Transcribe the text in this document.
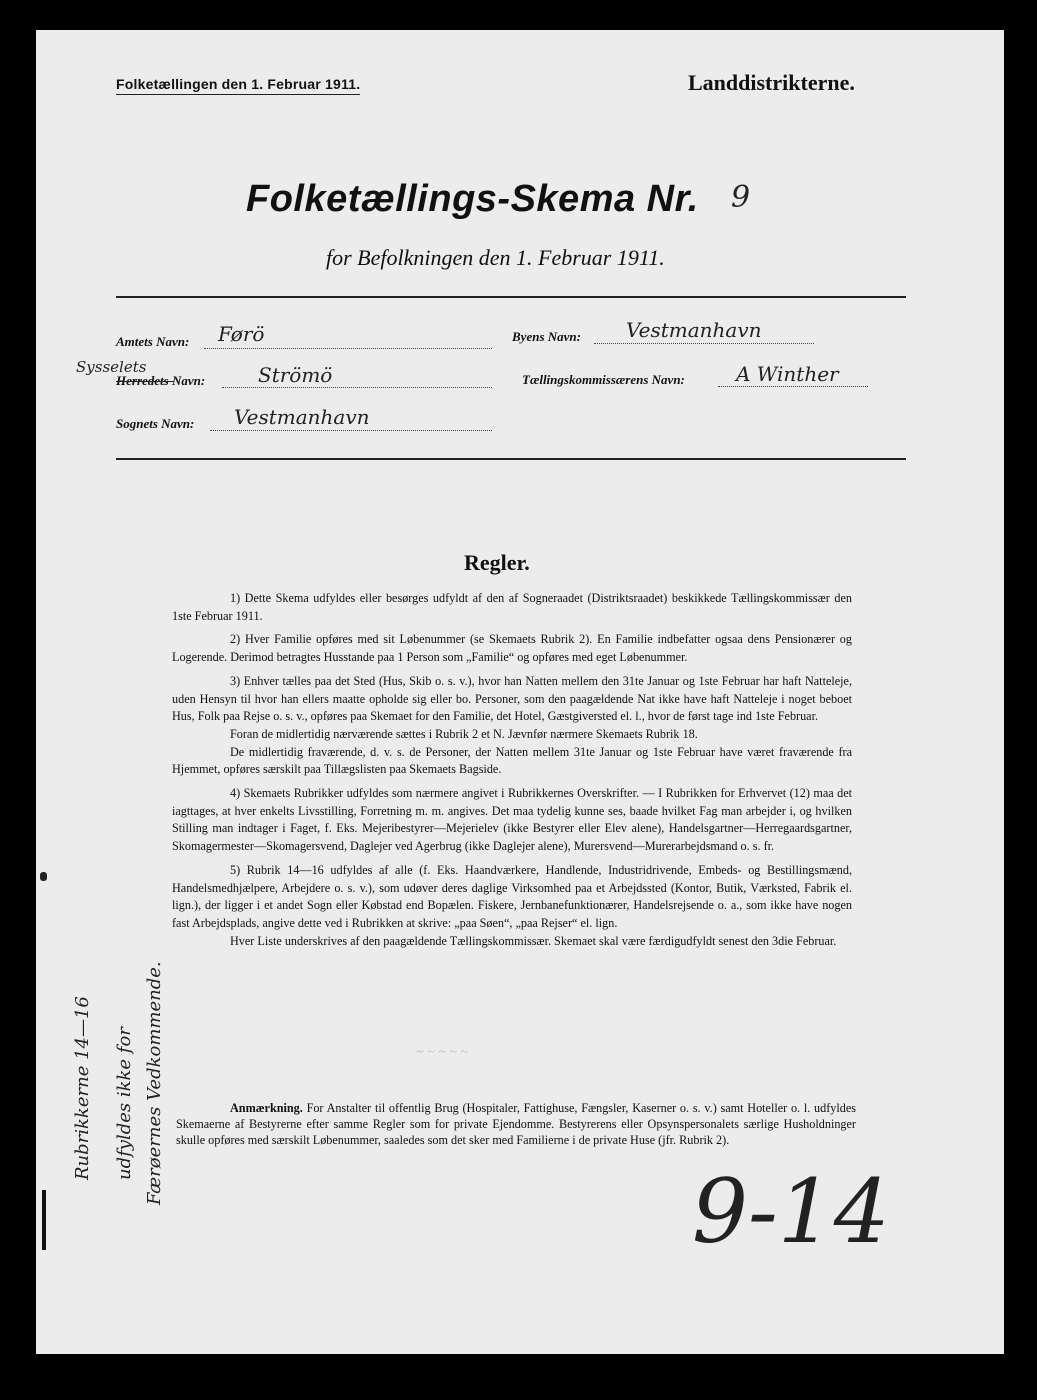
Folketællingen den 1. Februar 1911.	Landdistrikterne.
Folketællings-Skema Nr. 9
for Befolkningen den 1. Februar 1911.
Amtets Navn: Førö
Sysselets
Herredets Navn:	Strömö
Sognets Navn: Vestmanhavn
Byens Navn: Vestmanhavn
Tællingskommissærens Navn:	A Winther
Regler.

1) Dette Skema udfyldes eller besørges udfyldt af den af Sogneraadet (Distriktsraadet) beskikkede Tællingskommissær den 1ste Februar 1911.

2) Hver Familie opføres med sit Løbenummer (se Skemaets Rubrik 2). En Familie indbefatter ogsaa dens Pensionærer og Logerende. Derimod betragtes Husstande paa 1 Person som „Familie“ og opføres med eget Løbenummer.

3) Enhver tælles paa det Sted (Hus, Skib o. s. v.), hvor han Natten mellem den 31te Januar og 1ste Februar har haft Natteleje, uden Hensyn til hvor han ellers maatte opholde sig eller bo. Personer, som den paagældende Nat ikke have haft Natteleje i noget beboet Hus, Folk paa Rejse o. s. v., opføres paa Skemaet for den Familie, det Hotel, Gæstgiversted el. l., hvor de først tage ind 1ste Februar.

Foran de midlertidig nærværende sættes i Rubrik 2 et N. Jævnfør nærmere Skemaets Rubrik 18.

De midlertidig fraværende, d. v. s. de Personer, der Natten mellem 31te Januar og 1ste Februar have været fraværende fra Hjemmet, opføres særskilt paa Tillægslisten paa Skemaets Bagside.

4) Skemaets Rubrikker udfyldes som nærmere angivet i Rubrikkernes Overskrifter. — I Rubrikken for Erhvervet (12) maa det iagttages, at hver enkelts Livsstilling, Forretning m. m. angives. Det maa tydelig kunne ses, baade hvilket Fag man arbejder i, og hvilken Stilling man indtager i Faget, f. Eks. Mejeribestyrer—Mejerielev (ikke Bestyrer eller Elev alene), Handelsgartner—Herregaardsgartner, Skomagermester—Skomagersvend, Daglejer ved Agerbrug (ikke Daglejer alene), Murersvend—Murerarbejdsmand o. s. fr.

5) Rubrik 14—16 udfyldes af alle (f. Eks. Haandværkere, Handlende, Industridrivende, Embeds- og Bestillingsmænd, Handelsmedhjælpere, Arbejdere o. s. v.), som udøver deres daglige Virksomhed paa et Arbejdssted (Kontor, Butik, Værksted, Fabrik el. lign.), der ligger i et andet Sogn eller Købstad end Bopælen. Fiskere, Jernbanefunktionærer, Handelsrejsende o. a., som ikke have nogen fast Arbejdsplads, angive dette ved i Rubrikken at skrive: „paa Søen“, „paa Rejser“ el. lign.

Hver Liste underskrives af den paagældende Tællingskommissær. Skemaet skal være færdigudfyldt senest den 3die Februar.

Anmærkning. For Anstalter til offentlig Brug (Hospitaler, Fattighuse, Fængsler, Kaserner o. s. v.) samt Hoteller o. l. udfyldes Skemaerne af Bestyrerne efter samme Regler som for private Ejendomme. Bestyrerens eller Opsynspersonalets særlige Husholdninger skulle opføres med særskilt Løbenummer, saaledes som det sker med Familierne i de private Huse (jfr. Rubrik 2).
~ ~ ~ ~ ~
Rubrikkerne 14—16 udfyldes ikke for Færøernes Vedkommende.
9-14
